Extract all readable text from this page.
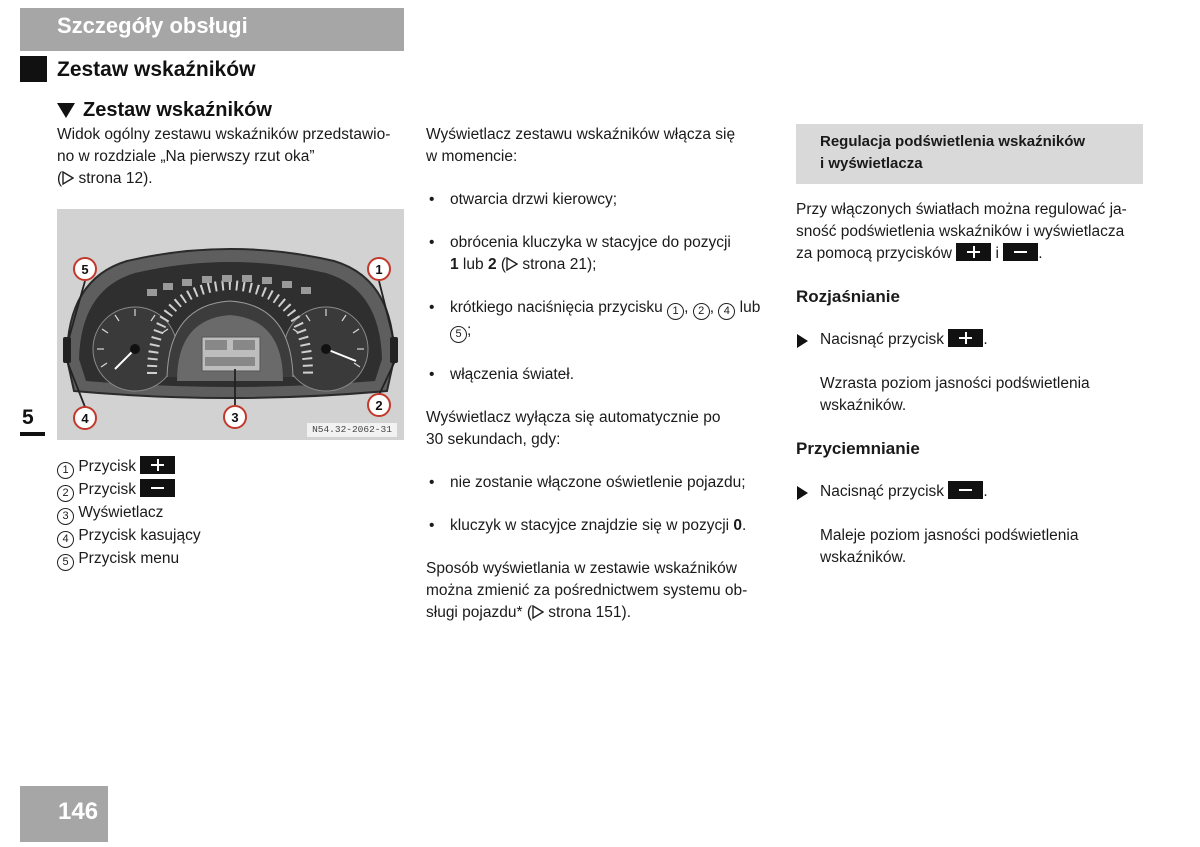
Szczegóły obsługi
Zestaw wskaźników
Zestaw wskaźników
5
146
Widok ogólny zestawu wskaźników przedstawio-
no w rozdziale „Na pierwszy rzut oka”
( strona 12).
5	1
4
2
3
N54.32-2062-31
1 Przycisk
2 Przycisk
3 Wyświetlacz
4 Przycisk kasujący
5 Przycisk menu
Wyświetlacz zestawu wskaźników włącza się
w momencie:
• otwarcia drzwi kierowcy;
• obrócenia kluczyka w stacyjce do pozycji
1 lub 2 ( strona 21);
• krótkiego naciśnięcia przycisku 1 , 2 , 4 lub
5 ;
• włączenia świateł.
Wyświetlacz wyłącza się automatycznie po
30 sekundach, gdy:
• nie zostanie włączone oświetlenie pojazdu;
• kluczyk w stacyjce znajdzie się w pozycji 0.
Sposób wyświetlania w zestawie wskaźników
można zmienić za pośrednictwem systemu ob-
sługi pojazdu* ( strona 151).
Regulacja podświetlenia wskaźników
i wyświetlacza
Przy włączonych światłach można regulować ja-
sność podświetlenia wskaźników i wyświetlacza
za pomocą przycisków  i .
Rozjaśnianie
Nacisnąć przycisk .
Wzrasta poziom jasności podświetlenia
wskaźników.
Przyciemnianie
Nacisnąć przycisk .
Maleje poziom jasności podświetlenia
wskaźników.
